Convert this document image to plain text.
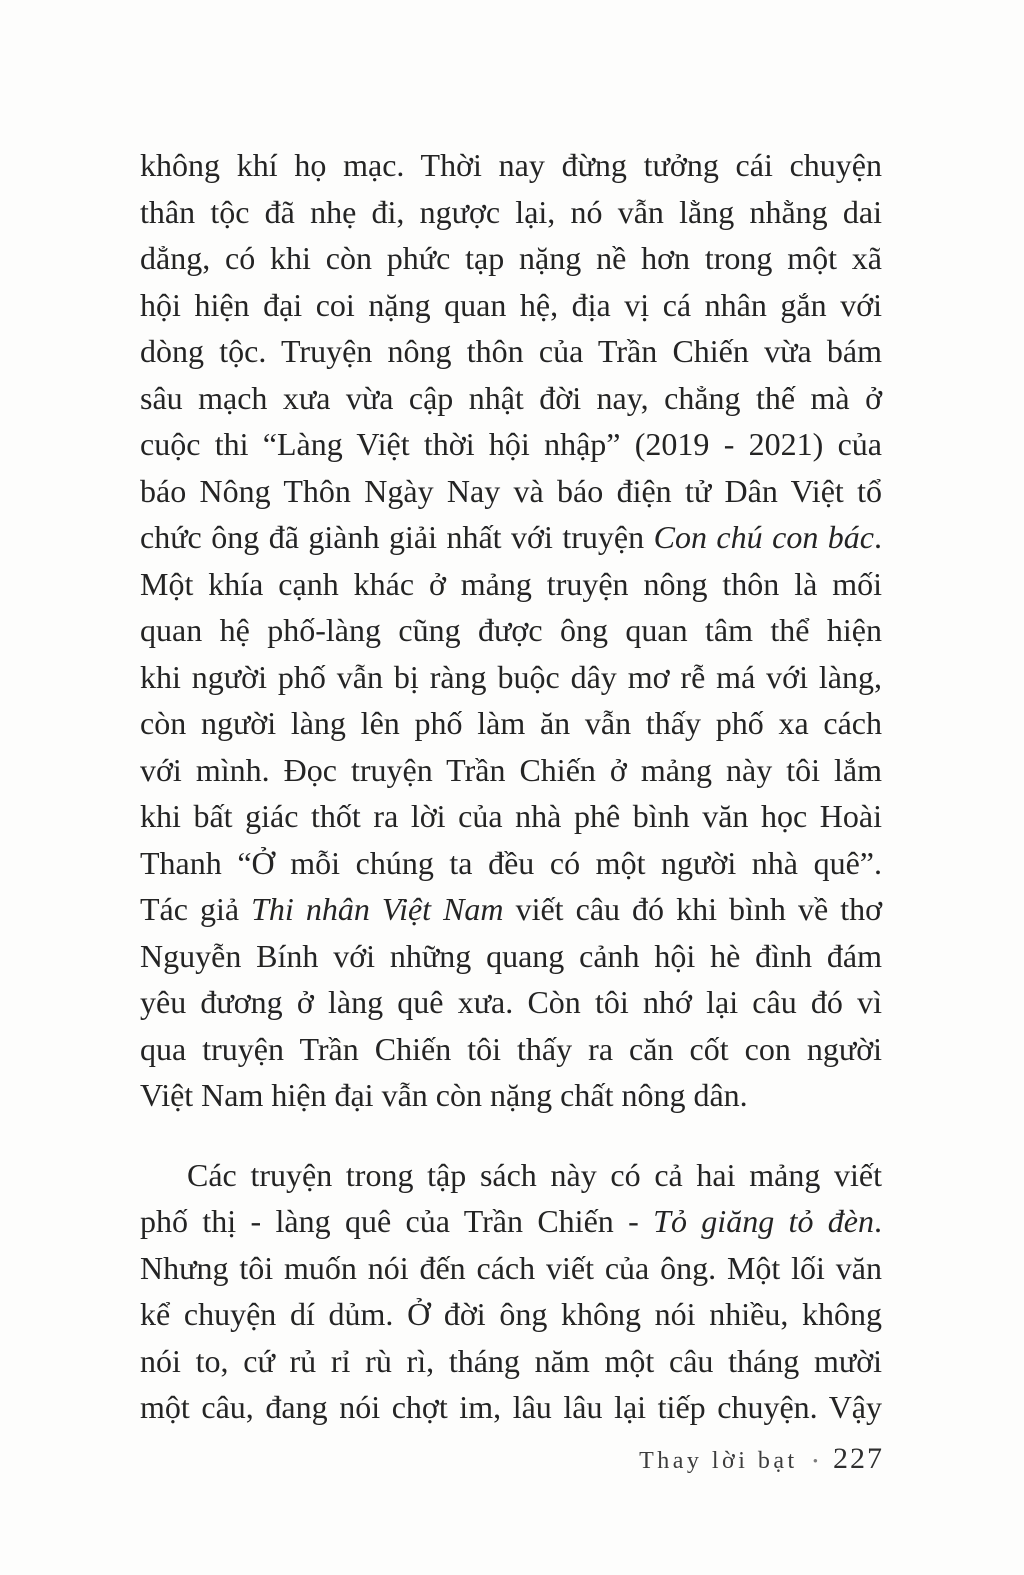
không khí họ mạc. Thời nay đừng tưởng cái chuyện
thân tộc đã nhẹ đi, ngược lại, nó vẫn lằng nhằng dai
dẳng, có khi còn phức tạp nặng nề hơn trong một xã
hội hiện đại coi nặng quan hệ, địa vị cá nhân gắn với
dòng tộc. Truyện nông thôn của Trần Chiến vừa bám
sâu mạch xưa vừa cập nhật đời nay, chẳng thế mà ở
cuộc thi “Làng Việt thời hội nhập” (2019 - 2021) của
báo Nông Thôn Ngày Nay và báo điện tử Dân Việt tổ
chức ông đã giành giải nhất với truyện Con chú con bác.
Một khía cạnh khác ở mảng truyện nông thôn là mối
quan hệ phố-làng cũng được ông quan tâm thể hiện
khi người phố vẫn bị ràng buộc dây mơ rễ má với làng,
còn người làng lên phố làm ăn vẫn thấy phố xa cách
với mình. Đọc truyện Trần Chiến ở mảng này tôi lắm
khi bất giác thốt ra lời của nhà phê bình văn học Hoài
Thanh “Ở mỗi chúng ta đều có một người nhà quê”.
Tác giả Thi nhân Việt Nam viết câu đó khi bình về thơ
Nguyễn Bính với những quang cảnh hội hè đình đám
yêu đương ở làng quê xưa. Còn tôi nhớ lại câu đó vì
qua truyện Trần Chiến tôi thấy ra căn cốt con người
Việt Nam hiện đại vẫn còn nặng chất nông dân.
Các truyện trong tập sách này có cả hai mảng viết
phố thị - làng quê của Trần Chiến - Tỏ giăng tỏ đèn.
Nhưng tôi muốn nói đến cách viết của ông. Một lối văn
kể chuyện dí dủm. Ở đời ông không nói nhiều, không
nói to, cứ rủ rỉ rù rì, tháng năm một câu tháng mười
một câu, đang nói chợt im, lâu lâu lại tiếp chuyện. Vậy
Thay lời bạt • 227
